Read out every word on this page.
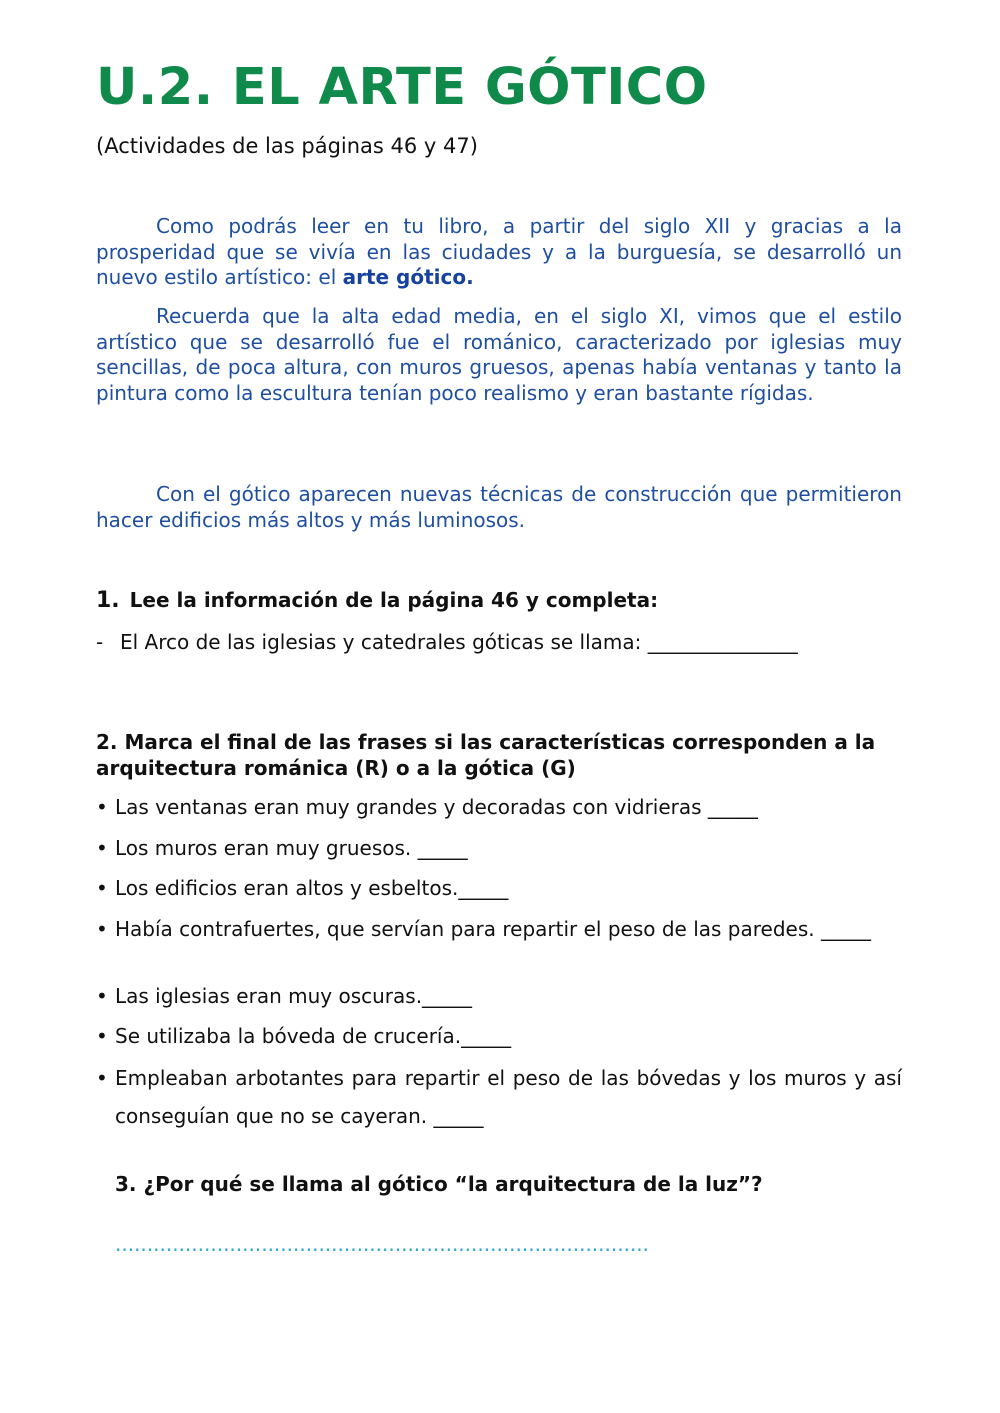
U.2. EL ARTE GÓTICO
(Actividades de las páginas 46 y 47)
Como podrás leer en tu libro, a partir del siglo XII y gracias a la prosperidad que se vivía en las ciudades y a la burguesía, se desarrolló un nuevo estilo artístico: el arte gótico.
Recuerda que la alta edad media, en el siglo XI, vimos que el estilo artístico que se desarrolló fue el románico, caracterizado por iglesias muy sencillas, de poca altura, con muros gruesos, apenas había ventanas y tanto la pintura como la escultura tenían poco realismo y eran bastante rígidas.
Con el gótico aparecen nuevas técnicas de construcción que permitieron hacer edificios más altos y más luminosos.
1. Lee la información de la página 46 y completa:
- El Arco de las iglesias y catedrales góticas se llama: _______________
2. Marca el final de las frases si las características corresponden a la arquitectura románica (R) o a la gótica (G)
• Las ventanas eran muy grandes y decoradas con vidrieras _____
• Los muros eran muy gruesos. _____
• Los edificios eran altos y esbeltos._____
• Había contrafuertes, que servían para repartir el peso de las paredes. _____
• Las iglesias eran muy oscuras._____
• Se utilizaba la bóveda de crucería._____
• Empleaban arbotantes para repartir el peso de las bóvedas y los muros y así conseguían que no se cayeran. _____
3. ¿Por qué se llama al gótico “la arquitectura de la luz”?
....................................................................................
